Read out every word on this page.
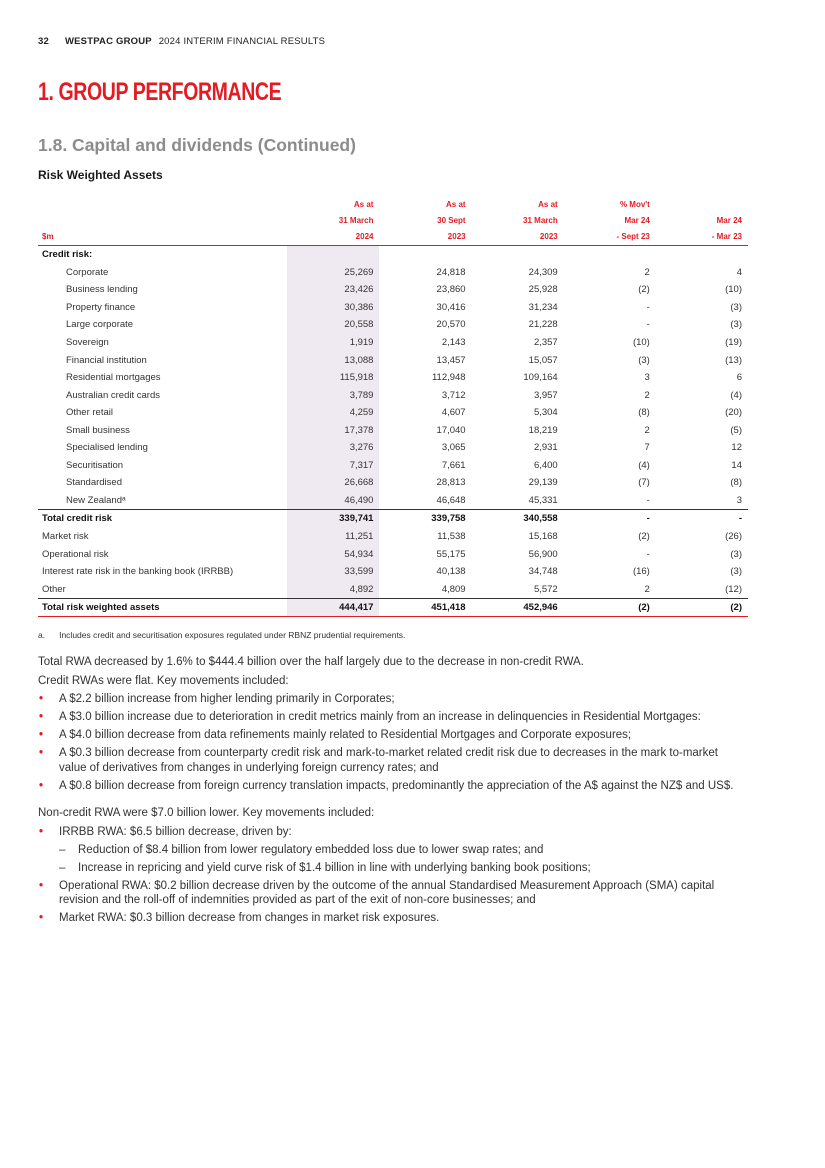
32 WESTPAC GROUP 2024 INTERIM FINANCIAL RESULTS
1. GROUP PERFORMANCE
1.8. Capital and dividends (Continued)
Risk Weighted Assets
	As at	As at	As at	% Mov't	
	31 March	30 Sept	31 March	Mar 24	Mar 24
$m	2024	2023	2023	- Sept 23	- Mar 23
Credit risk:					
Corporate	25,269	24,818	24,309	2	4
Business lending	23,426	23,860	25,928	(2)	(10)
Property finance	30,386	30,416	31,234	-	(3)
Large corporate	20,558	20,570	21,228	-	(3)
Sovereign	1,919	2,143	2,357	(10)	(19)
Financial institution	13,088	13,457	15,057	(3)	(13)
Residential mortgages	115,918	112,948	109,164	3	6
Australian credit cards	3,789	3,712	3,957	2	(4)
Other retail	4,259	4,607	5,304	(8)	(20)
Small business	17,378	17,040	18,219	2	(5)
Specialised lending	3,276	3,065	2,931	7	12
Securitisation	7,317	7,661	6,400	(4)	14
Standardised	26,668	28,813	29,139	(7)	(8)
New Zealandᵃ	46,490	46,648	45,331	-	3
Total credit risk	339,741	339,758	340,558	-	-
Market risk	11,251	11,538	15,168	(2)	(26)
Operational risk	54,934	55,175	56,900	-	(3)
Interest rate risk in the banking book (IRRBB)	33,599	40,138	34,748	(16)	(3)
Other	4,892	4,809	5,572	2	(12)
Total risk weighted assets	444,417	451,418	452,946	(2)	(2)
a. Includes credit and securitisation exposures regulated under RBNZ prudential requirements.

Total RWA decreased by 1.6% to $444.4 billion over the half largely due to the decrease in non-credit RWA.

Credit RWAs were flat. Key movements included:

• A $2.2 billion increase from higher lending primarily in Corporates;
• A $3.0 billion increase due to deterioration in credit metrics mainly from an increase in delinquencies in Residential Mortgages:
• A $4.0 billion decrease from data refinements mainly related to Residential Mortgages and Corporate exposures;
• A $0.3 billion decrease from counterparty credit risk and mark-to-market related credit risk due to decreases in the mark to-market value of derivatives from changes in underlying foreign currency rates; and
• A $0.8 billion decrease from foreign currency translation impacts, predominantly the appreciation of the A$ against the NZ$ and US$.

Non-credit RWA were $7.0 billion lower. Key movements included:

• IRRBB RWA: $6.5 billion decrease, driven by:
– Reduction of $8.4 billion from lower regulatory embedded loss due to lower swap rates; and
– Increase in repricing and yield curve risk of $1.4 billion in line with underlying banking book positions;
• Operational RWA: $0.2 billion decrease driven by the outcome of the annual Standardised Measurement Approach (SMA) capital revision and the roll-off of indemnities provided as part of the exit of non-core businesses; and
• Market RWA: $0.3 billion decrease from changes in market risk exposures.
